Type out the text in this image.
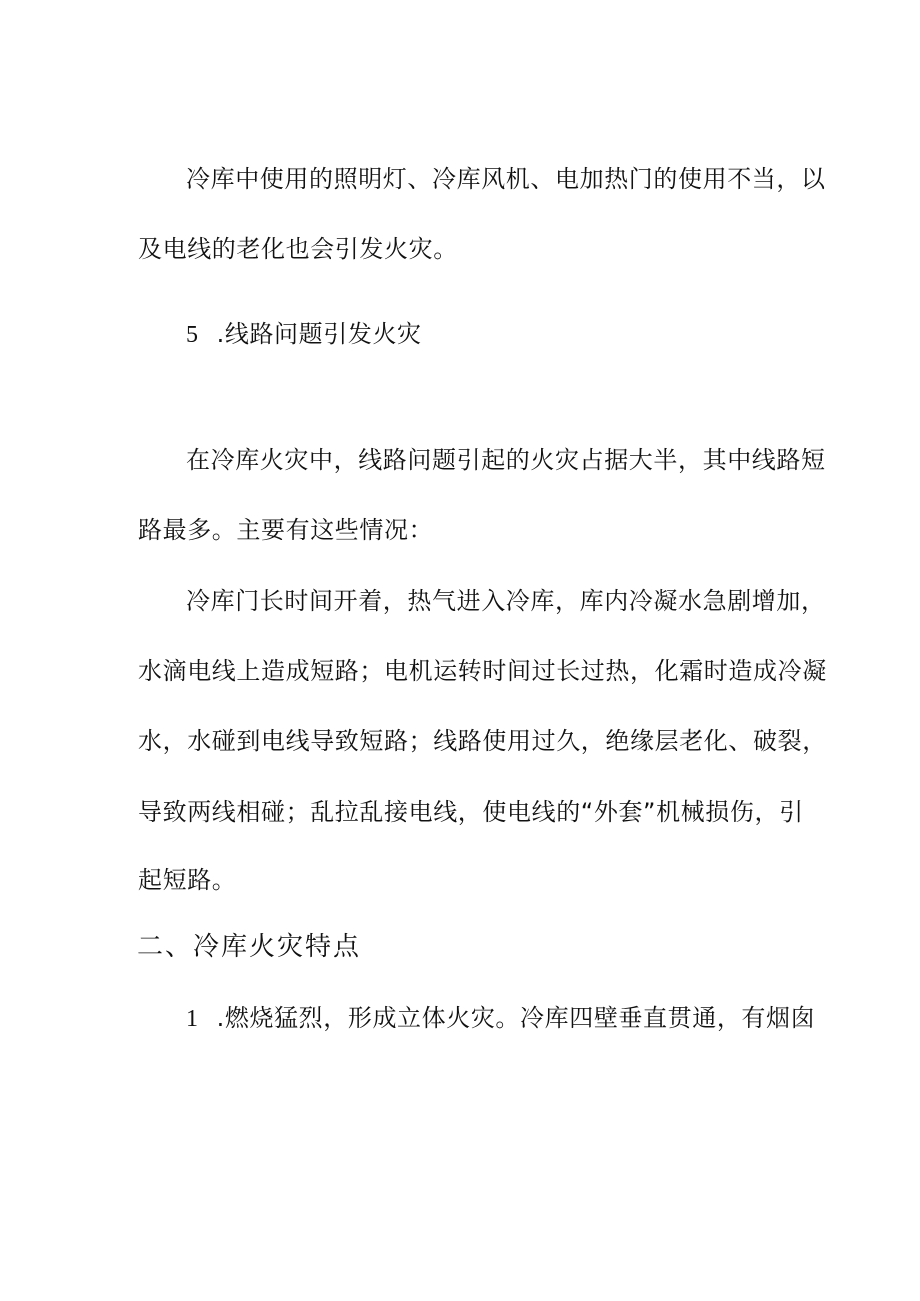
冷库中使用的照明灯、冷库风机、电加热门的使用不当，以
及电线的老化也会引发火灾。
5 .线路问题引发火灾
在冷库火灾中，线路问题引起的火灾占据大半，其中线路短
路最多。主要有这些情况：
冷库门长时间开着，热气进入冷库，库内冷凝水急剧增加，
水滴电线上造成短路；电机运转时间过长过热，化霜时造成冷凝
水，水碰到电线导致短路；线路使用过久，绝缘层老化、破裂，
导致两线相碰；乱拉乱接电线，使电线的“外套”机械损伤，引
起短路。
二、冷库火灾特点
1 .燃烧猛烈，形成立体火灾。冷库四壁垂直贯通，有烟囱
